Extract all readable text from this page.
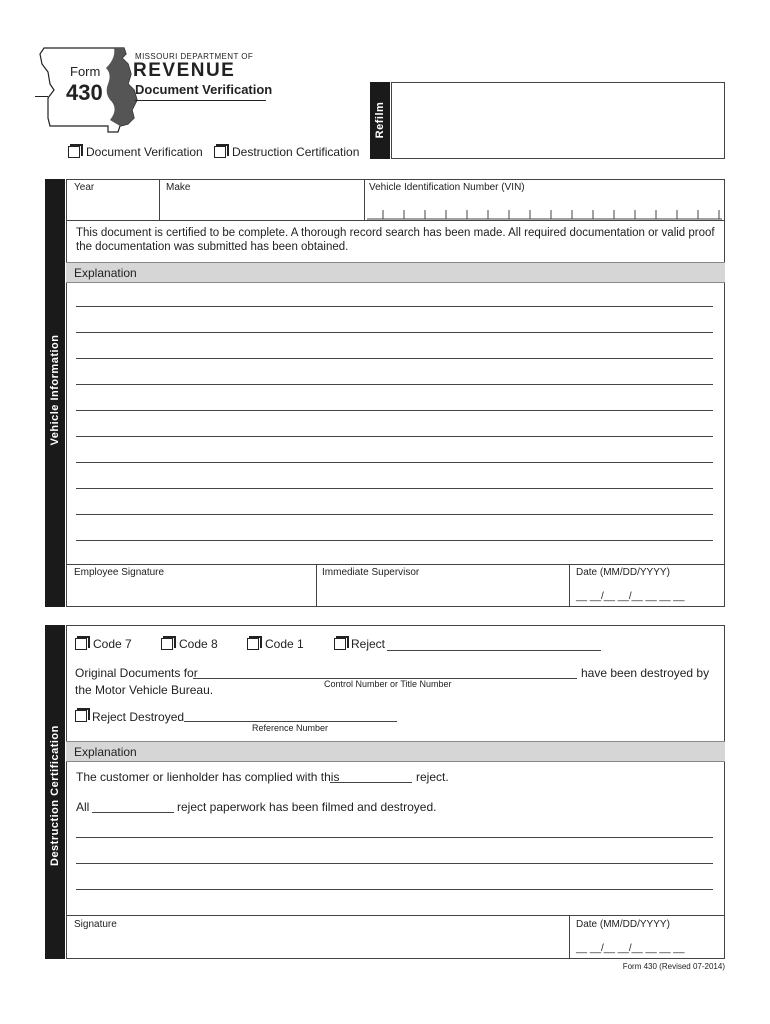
Form
430
MISSOURI DEPARTMENT OF
REVENUE
Document Verification
Refilm
Document Verification Destruction Certification
Vehicle Information
Year	Make	Vehicle Identification Number (VIN)
This document is certified to be complete. A thorough record search has been made. All required documentation or valid proof
the documentation was submitted has been obtained.
Explanation
Employee Signature	Immediate Supervisor	Date (MM/DD/YYYY)
__ __/__ __/__ __ __ __
Destruction Certification
Code 7	Code 8	Code 1	Reject
Original Documents for	have been destroyed by
Control Number or Title Number
the Motor Vehicle Bureau.
Reject Destroyed
Reference Number
Explanation
The customer or lienholder has complied with this	reject.
All	reject paperwork has been filmed and destroyed.
Signature	Date (MM/DD/YYYY)
__ __/__ __/__ __ __ __
Form 430 (Revised 07-2014)
